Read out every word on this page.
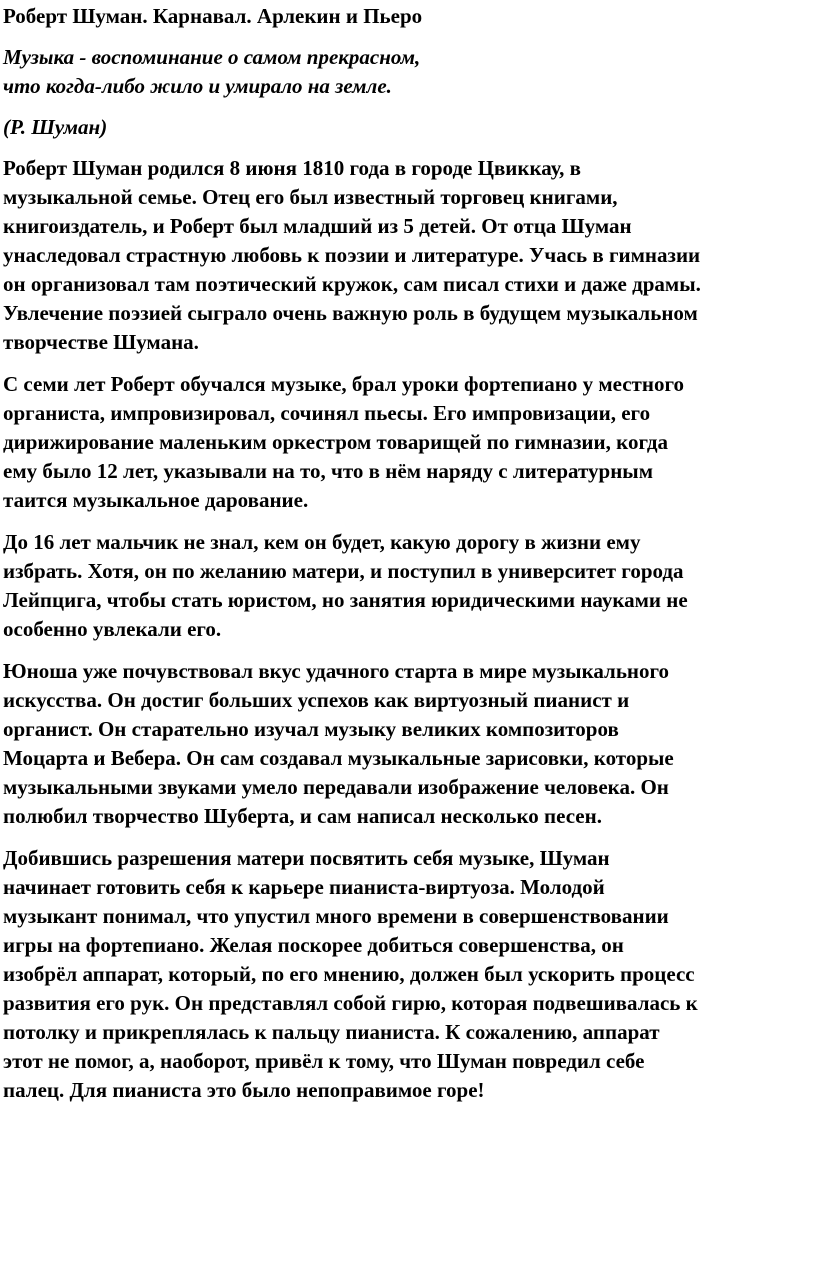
Роберт Шуман. Карнавал. Арлекин и Пьеро
Музыка - воспоминание о самом прекрасном,
что когда-либо жило и умирало на земле.
(Р. Шуман)
Роберт Шуман родился 8 июня 1810 года в городе Цвиккау, в
музыкальной семье. Отец его был известный торговец книгами,
книгоиздатель, и Роберт был младший из 5 детей. От отца Шуман
унаследовал страстную любовь к поэзии и литературе. Учась в гимназии
он организовал там поэтический кружок, сам писал стихи и даже драмы.
Увлечение поэзией сыграло очень важную роль в будущем музыкальном
творчестве Шумана.
С семи лет Роберт обучался музыке, брал уроки фортепиано у местного
органиста, импровизировал, сочинял пьесы. Его импровизации, его
дирижирование маленьким оркестром товарищей по гимназии, когда
ему было 12 лет, указывали на то, что в нём наряду с литературным
таится музыкальное дарование.
До 16 лет мальчик не знал, кем он будет, какую дорогу в жизни ему
избрать. Хотя, он по желанию матери, и поступил в университет города
Лейпцига, чтобы стать юристом, но занятия юридическими науками не
особенно увлекали его.
Юноша уже почувствовал вкус удачного старта в мире музыкального
искусства. Он достиг больших успехов как виртуозный пианист и
органист. Он старательно изучал музыку великих композиторов
Моцарта и Вебера. Он сам создавал музыкальные зарисовки, которые
музыкальными звуками умело передавали изображение человека. Он
полюбил творчество Шуберта, и сам написал несколько песен.
Добившись разрешения матери посвятить себя музыке, Шуман
начинает готовить себя к карьере пианиста-виртуоза. Молодой
музыкант понимал, что упустил много времени в совершенствовании
игры на фортепиано. Желая поскорее добиться совершенства, он
изобрёл аппарат, который, по его мнению, должен был ускорить процесс
развития его рук. Он представлял собой гирю, которая подвешивалась к
потолку и прикреплялась к пальцу пианиста. К сожалению, аппарат
этот не помог, а, наоборот, привёл к тому, что Шуман повредил себе
палец. Для пианиста это было непоправимое горе!
